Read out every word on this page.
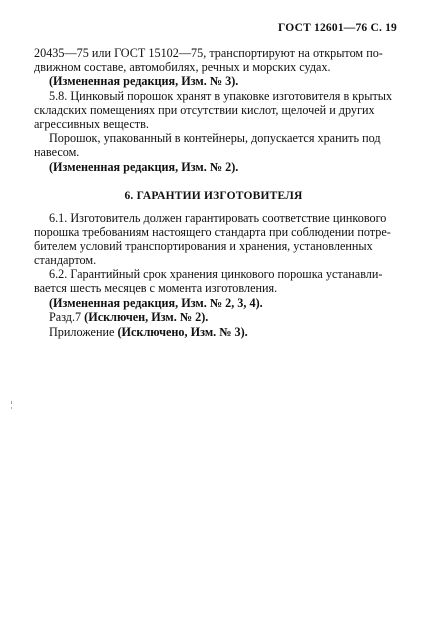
ГОСТ 12601—76 С. 19
20435—75 или ГОСТ 15102—75, транспортируют на открытом по-
движном составе, автомобилях, речных и морских судах.
(Измененная редакция, Изм. № 3).
5.8. Цинковый порошок хранят в упаковке изготовителя в крытых
складских помещениях при отсутствии кислот, щелочей и других
агрессивных веществ.
Порошок, упакованный в контейнеры, допускается хранить под
навесом.
(Измененная редакция, Изм. № 2).
6. ГАРАНТИИ ИЗГОТОВИТЕЛЯ
6.1. Изготовитель должен гарантировать соответствие цинкового
порошка требованиям настоящего стандарта при соблюдении потре-
бителем условий транспортирования и хранения, установленных
стандартом.
6.2. Гарантийный срок хранения цинкового порошка устанавли-
вается шесть месяцев с момента изготовления.
(Измененная редакция, Изм. № 2, 3, 4).
Разд.7 (Исключен, Изм. № 2).
Приложение (Исключено, Изм. № 3).
